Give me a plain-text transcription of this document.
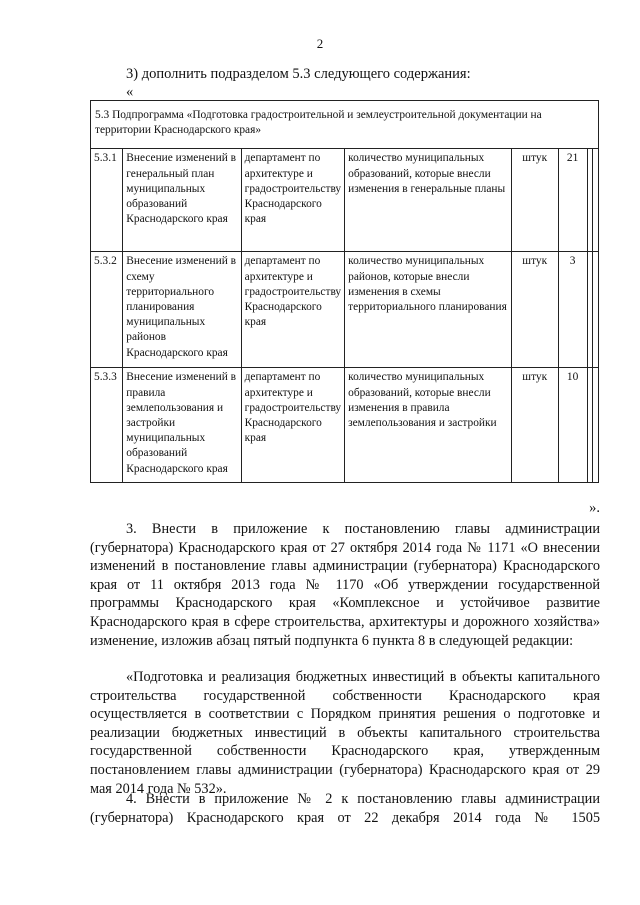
2
3) дополнить подразделом 5.3 следующего содержания:
«
5.3 Подпрограмма «Подготовка градостроительной и землеустроительной документации на территории Краснодарского края»							
5.3.1	Внесение изменений в генеральный план муниципальных образований Краснодарского края	департамент по архитектуре и градостроительству Краснодарского края	количество муниципальных образований, которые внесли изменения в генеральные планы	штук	21		
5.3.2	Внесение изменений в схему территориального планирования муниципальных районов Краснодарского края	департамент по архитектуре и градостроительству Краснодарского края	количество муниципальных районов, которые внесли изменения в схемы территориального планирования	штук	3		
5.3.3	Внесение изменений в правила землепользования и застройки муниципальных образований Краснодарского края	департамент по архитектуре и градостроительству Краснодарского края	количество муниципальных образований, которые внесли изменения в правила землепользования и застройки	штук	10		
».

3. Внести в приложение к постановлению главы администрации (губернатора) Краснодарского края от 27 октября 2014 года № 1171 «О внесении изменений в постановление главы администрации (губернатора) Краснодарского края от 11 октября 2013 года № 1170 «Об утверждении государственной программы Краснодарского края «Комплексное и устойчивое развитие Краснодарского края в сфере строительства, архитектуры и дорожного хозяйства» изменение, изложив абзац пятый подпункта 6 пункта 8 в следующей редакции:

«Подготовка и реализация бюджетных инвестиций в объекты капитального строительства государственной собственности Краснодарского края осуществляется в соответствии с Порядком принятия решения о подготовке и реализации бюджетных инвестиций в объекты капитального строительства государственной собственности Краснодарского края, утвержденным постановлением главы администрации (губернатора) Краснодарского края от 29 мая 2014 года № 532».

4. Внести в приложение № 2 к постановлению главы администрации (губернатора) Краснодарского края от 22 декабря 2014 года № 1505
